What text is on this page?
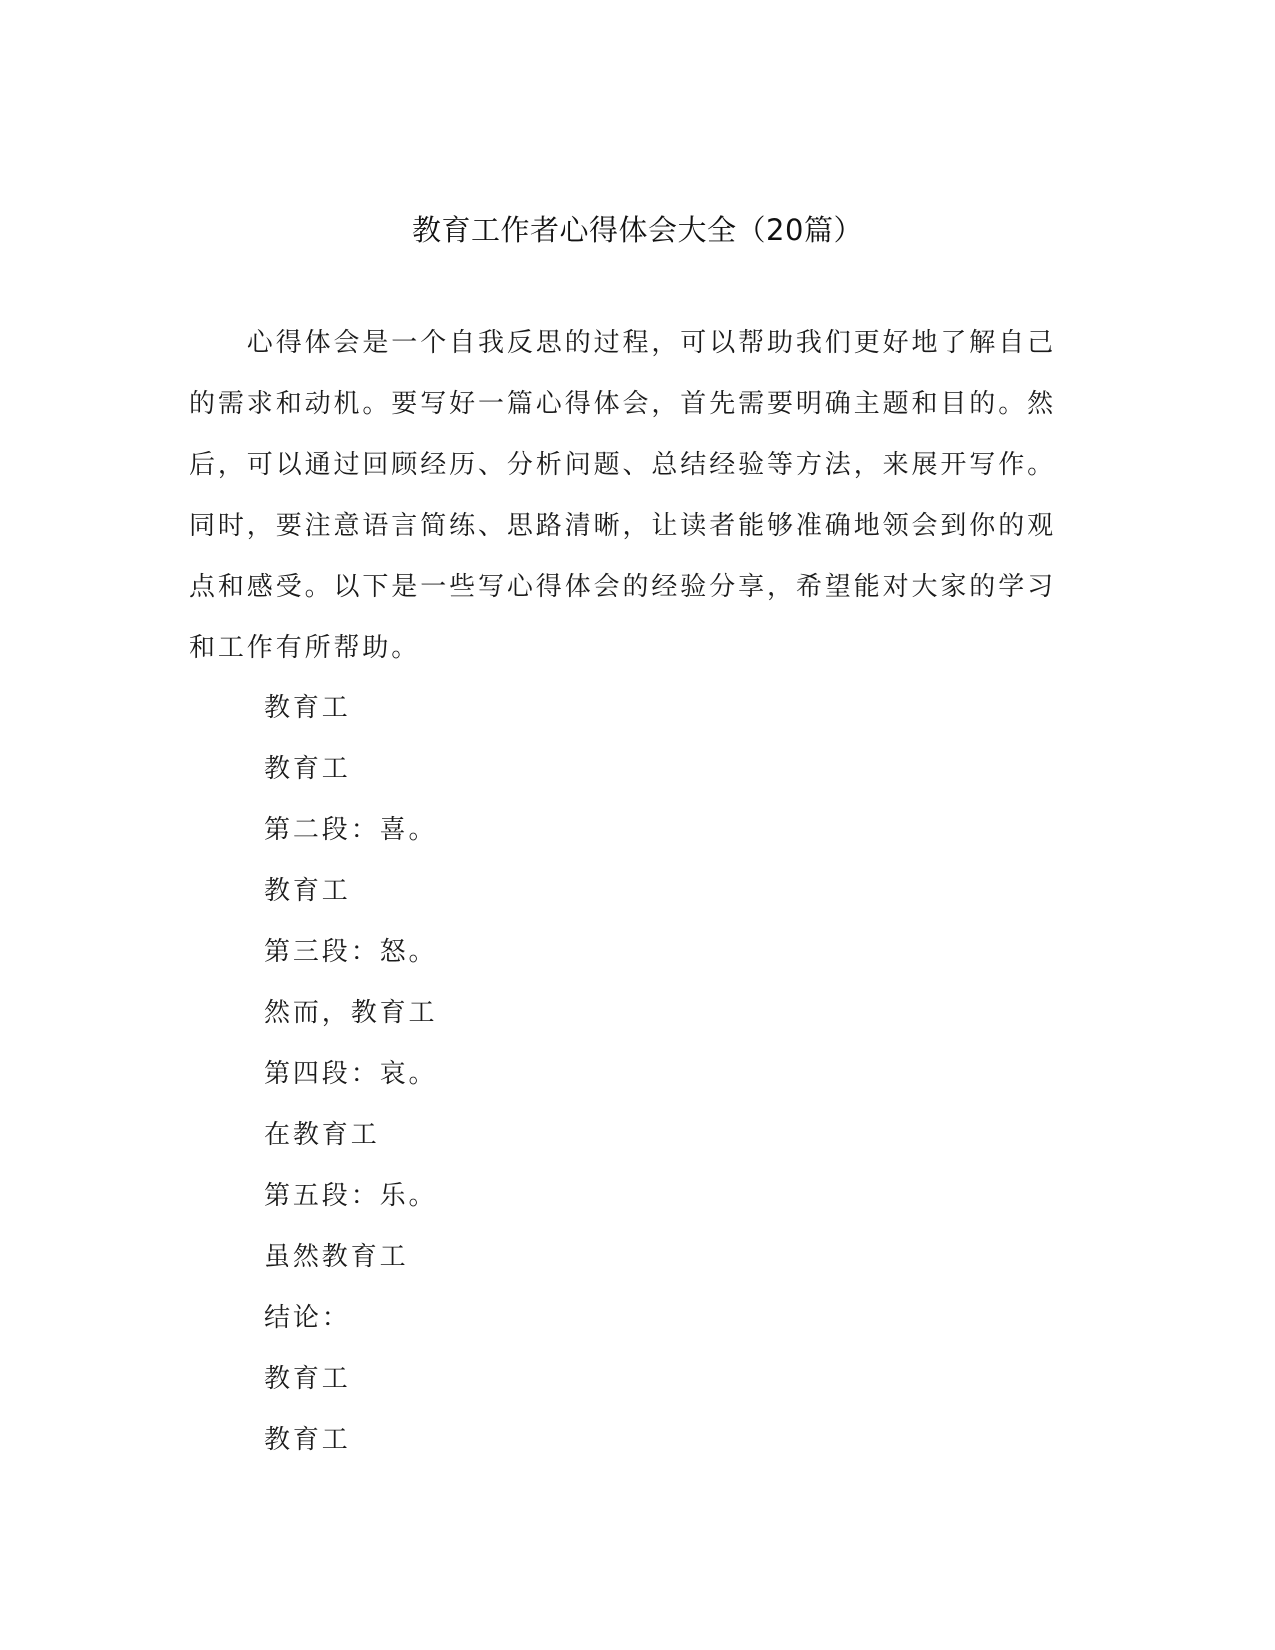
教育工作者心得体会大全（20篇）
　　心得体会是一个自我反思的过程，可以帮助我们更好地了解自己
的需求和动机。要写好一篇心得体会，首先需要明确主题和目的。然
后，可以通过回顾经历、分析问题、总结经验等方法，来展开写作。
同时，要注意语言简练、思路清晰，让读者能够准确地领会到你的观
点和感受。以下是一些写心得体会的经验分享，希望能对大家的学习
和工作有所帮助。
教育工
教育工
第二段：喜。
教育工
第三段：怒。
然而，教育工
第四段：哀。
在教育工
第五段：乐。
虽然教育工
结论：
教育工
教育工
